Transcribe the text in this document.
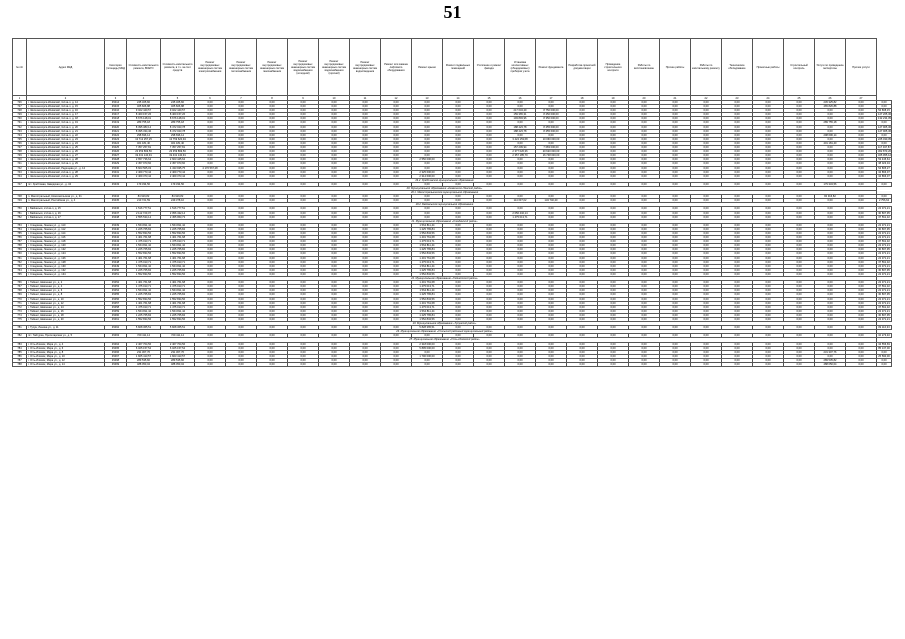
51
№ п/п	Адрес МКД	Категория (площадь) МКД	Стоимость капитального ремонта, ВСЕГО	Стоимость капитального ремонта, в т.ч. за счет средств	Ремонт внутридомовых инженерных систем электроснабжения	Ремонт внутридомовых инженерных систем теплоснабжения	Ремонт внутридомовых инженерных систем газоснабжения	Ремонт внутридомовых инженерных систем водоснабжения (холодной)	Ремонт внутридомовых инженерных систем водоснабжения (горячей)	Ремонт внутридомовых инженерных систем водоотведения	Ремонт или замена лифтового оборудования	Ремонт крыши	Ремонт подвальных помещений	Утепление и ремонт фасада	Установка коллективных (общедомовых) приборов учета	Ремонт фундамента	Разработка проектной документации	Проведение строительного контроля	Работы по восстановлению	Прочие работы	Работы по капитальному ремонту	Техническое обследование	Проектные работы	Строительный контроль	Услуги по проведению экспертизы	Прочие услуги	
1	2	3	4	5	6	7	8	9	10	11	12	13	14	15	16	17	18	19	20	21	22	23	24	25	26	27	
726	г. Железногорск-Илимский, 3-й кв-л, д. 14	45414	245 325,82	245 325,82	0,00	0,00	0,00	0,00	0,00	0,00	0,00	0,00	0,00	0,00	0,00	0,00	0,00	0,00	0,00	0,00	0,00	0,00	0,00	0,00	245 325,82	0,00	0,00
727	г. Железногорск-Илимский, 3-й кв-л, д. 15	45415	465 826,88	465 826,88	0,00	0,00	0,00	0,00	0,00	0,00	0,00	0,00	0,00	0,00	0,00	0,00	0,00	0,00	0,00	0,00	0,00	0,00	0,00	0,00	465 826,88	0,00	0,00
728	г. Железногорск-Илимский, 3-й кв-л, д. 16	45416	9 022 440,57	9 022 440,57	0,00	0,00	0,00	0,00	0,00	0,00	0,00	0,00	0,00	0,00	217 643,29	8 750 000,00	0,00	0,00	0,00	0,00	0,00	0,00	0,00	0,00	0,00	0,00	54 808,15
729	г. Железногорск-Илимский, 3-й кв-л, д. 17	45417	8 460 157,26	8 460 157,26	0,00	0,00	0,00	0,00	0,00	0,00	0,00	0,00	0,00	0,00	159 365,31	8 250 000,00	0,00	0,00	0,00	0,00	0,00	0,00	0,00	0,00	0,00	0,00	127 265,36
730	г. Железногорск-Илимский, 3-й кв-л, д. 18	45418	8 676 128,01	8 676 128,01	0,00	0,00	0,00	0,00	0,00	0,00	0,00	0,00	0,00	0,00	193 893,96	8 350 000,00	0,00	0,00	0,00	0,00	0,00	0,00	0,00	0,00	0,00	0,00	132 234,05
731	г. Железногорск-Илимский, 3-й кв-л, д. 19	45419	289 755,18	289 755,18	0,00	0,00	0,00	0,00	0,00	0,00	0,00	0,00	0,00	0,00	0,00	0,00	0,00	0,00	0,00	0,00	0,00	0,00	0,00	0,00	289 755,18	0,00	0,00
732	г. Железногорск-Илимский, 3-й кв-л, д. 20	45420	8 395 383,14	8 472 023,78	0,00	0,00	0,00	0,00	0,00	0,00	0,00	0,00	0,00	0,00	188 423,78	8 255 600,00	0,00	0,00	0,00	0,00	0,00	0,00	0,00	0,00	0,00	0,00	127 905,36
733	г. Железногорск-Илимский, 3-й кв-л, д. 21	45421	8 395 334,46	8 472 023,78	0,00	0,00	0,00	0,00	0,00	0,00	0,00	0,00	0,00	0,00	188 423,78	8 255 600,00	0,00	0,00	0,00	0,00	0,00	0,00	0,00	0,00	0,00	0,00	127 905,36
734	г. Железногорск-Илимский, 3-й кв-л, д. 22	45422	298 696,14	298 696,14	0,00	0,00	0,00	0,00	0,00	0,00	0,00	0,00	0,00	0,00	0,00	0,00	0,00	0,00	0,00	0,00	0,00	0,00	0,00	0,00	298 696,14	0,00	0,00
735	г. Железногорск-Илимский, 3-й кв-л, д. 23	45423	13 712 257,25	13 759 620,94	0,00	0,00	0,00	0,00	0,00	0,00	0,00	0,00	0,00	0,00	3 424 153,68	10 060 000,00	0,00	0,00	0,00	0,00	0,00	0,00	0,00	0,00	0,00	0,00	225 030,05
736	г. Железногорск-Илимский, 3-й кв-л, д. 24	45424	401 181,40	401 181,40	0,00	0,00	0,00	0,00	0,00	0,00	0,00	0,00	0,00	0,00	0,00	0,00	0,00	0,00	0,00	0,00	0,00	0,00	0,00	0,00	401 181,40	0,00	0,00
737	г. Железногорск-Илимский, 3-й кв-л, д. 25	45425	7 357 257,81	7 357 257,81	0,00	0,00	0,00	0,00	0,00	0,00	0,00	0,00	0,00	0,00	157 209,94	7 083 000,00	0,00	0,00	0,00	0,00	0,00	0,00	0,00	0,00	0,00	0,00	117 047,87
738	г. Железногорск-Илимский, 3-й кв-л, д. 26	45426	23 359 899,56	23 359 899,56	0,00	0,00	0,00	0,00	0,00	0,00	0,00	0,00	0,00	0,00	2 377 026,36	20 620 000,00	0,00	0,00	0,00	0,00	0,00	0,00	0,00	0,00	0,00	0,00	362 873,20
739	г. Железногорск-Илимский, 3-й кв-л, д. 27	45427	19 431 140,91	19 431 140,91	0,00	0,00	0,00	0,00	0,00	0,00	0,00	0,00	0,00	0,00	2 357 185,79	16 748 000,00	0,00	0,00	0,00	0,00	0,00	0,00	0,00	0,00	0,00	0,00	325 955,12
740	г. Железногорск-Илимский, 3-й кв-л, д. 28	45428	2 657 736,64	2 603 445,64	0,00	0,00	0,00	0,00	0,00	0,00	0,00	2 550 000,00	0,00	0,00	0,00	0,00	0,00	0,00	0,00	0,00	0,00	0,00	0,00	0,00	0,00	0,00	53 445,64
741	г. Железногорск-Илимский, 3-й кв-л, д. 29	45429	2 457 973,60	2 457 973,60	0,00	0,00	0,00	0,00	0,00	0,00	0,00	0,00	0,00	0,00	0,00	0,00	0,00	0,00	0,00	0,00	0,00	0,00	0,00	0,00	0,00	0,00	38 023,04
742	г. Железногорск-Илимский, Радищева ул., д. 12	45430	8 603 505,03	4 433 935,75	4 170 567,28	0,00	0,00	0,00	0,00	0,00	0,00	0,00	0,00	0,00	0,00	0,00	0,00	0,00	0,00	0,00	0,00	0,00	0,00	0,00	0,00	0,00	54 805,27
743	г. Железногорск-Илимский, 2-й кв-л, д. 28	45431	2 469 773,44	2 469 773,44	0,00	0,00	0,00	0,00	0,00	0,00	0,00	2 325 600,00	0,00	0,00	0,00	0,00	0,00	0,00	0,00	0,00	0,00	0,00	0,00	0,00	0,00	0,00	34 866,07
744	г. Железногорск-Илимский, 2-й кв-л, д. 29	45432	2 469 373,44	2 469 373,44	0,00	0,00	0,00	0,00	0,00	0,00	0,00	2 314 600,00	0,00	0,00	0,00	0,00	0,00	0,00	0,00	0,00	0,00	0,00	0,00	0,00	0,00	0,00	34 866,07
19.2. Хребтовское муниципальное образование																											
747	пгт. Хребтовая, Заводская ул., д. 34	45433	179 334,56	179 334,56	0,00	0,00	0,00	0,00	0,00	0,00	0,00	0,00	0,00	0,00	0,00	0,00	0,00	0,00	0,00	0,00	0,00	0,00	0,00	0,00	179 334,56	0,00	0,00
20. Муниципальное образование «Казачинско-Ленский район»																											
20.1. Магистральнинское муниципальное образование																											
748	п. Магистральный, Комсомольская ул., д. 31	45434	84 916,82	84 916,82	0,00	0,00	0,00	0,00	0,00	0,00	0,00	0,00	0,00	0,00	0,00	0,00	0,00	0,00	0,00	0,00	0,00	0,00	0,00	0,00	84 916,82	0,00	0,00
749	п. Магистральный, Российская ул., д. 4	45435	213 721,59	249 378,10	0,00	0,00	0,00	0,00	0,00	0,00	0,00	0,00	0,00	0,00	114 637,02	134 740,20	0,00	0,00	0,00	0,00	0,00	0,00	0,00	0,00	0,00	0,00	2 756,62
20.2. Байкальское муниципальное образование																											
750	г. Байкальск, 2-й кв-л, д. 15	45436	1 516 777,51	1 516 777,51	0,00	0,00	0,00	0,00	0,00	0,00	0,00	0,00	0,00	0,00	0,00	0,00	0,00	0,00	0,00	0,00	0,00	0,00	0,00	0,00	0,00	0,00	22 371,21
751	г. Байкальск, 2-й кв-л, д. 16	45437	2 112 720,07	2 056 432,14	0,00	0,00	0,00	0,00	0,00	0,00	0,00	0,00	0,00	0,00	2 056 432,14	0,00	0,00	0,00	0,00	0,00	0,00	0,00	0,00	0,00	0,00	0,00	30 807,95
752	г. Байкальск, 2-й кв-л, д. 17	45438	2 555 534,14	2 455 953,73	0,00	0,00	0,00	0,00	0,00	0,00	0,00	0,00	0,00	0,00	1 475 013,71	0,00	0,00	0,00	0,00	0,00	0,00	0,00	0,00	0,00	0,00	0,00	37 561,32
21. Муниципальное образование «Слюдянский район»																											
753	г. Слюдянка, Ленина ул., д. 110	45439	1 564 811,44	1 564 811,44	0,00	0,00	0,00	0,00	0,00	0,00	0,00	1 564 811,44	0,00	0,00	0,00	0,00	0,00	0,00	0,00	0,00	0,00	0,00	0,00	0,00	0,00	0,00	22 371,21
754	г. Слюдянка, Ленина ул., д. 112	45440	1 225 765,84	1 225 765,84	0,00	0,00	0,00	0,00	0,00	0,00	0,00	1 225 765,84	0,00	0,00	0,00	0,00	0,00	0,00	0,00	0,00	0,00	0,00	0,00	0,00	0,00	0,00	30 807,95
755	г. Слюдянка, Ленина ул., д. 114	45441	1 552 834,56	1 552 834,56	0,00	0,00	0,00	0,00	0,00	0,00	0,00	1 552 834,56	0,00	0,00	0,00	0,00	0,00	0,00	0,00	0,00	0,00	0,00	0,00	0,00	0,00	0,00	22 371,21
756	г. Слюдянка, Ленина ул., д. 116	45442	1 401 761,68	1 401 761,68	0,00	0,00	0,00	0,00	0,00	0,00	0,00	1 401 761,68	0,00	0,00	0,00	0,00	0,00	0,00	0,00	0,00	0,00	0,00	0,00	0,00	0,00	0,00	22 371,21
757	г. Слюдянка, Ленина ул., д. 118	45443	1 475 013,71	1 475 013,71	0,00	0,00	0,00	0,00	0,00	0,00	0,00	1 475 013,71	0,00	0,00	0,00	0,00	0,00	0,00	0,00	0,00	0,00	0,00	0,00	0,00	0,00	0,00	37 561,32
758	г. Слюдянка, Ленина ул., д. 120	45444	1 564 811,44	1 564 811,44	0,00	0,00	0,00	0,00	0,00	0,00	0,00	1 564 811,44	0,00	0,00	0,00	0,00	0,00	0,00	0,00	0,00	0,00	0,00	0,00	0,00	0,00	0,00	22 371,21
759	г. Слюдянка, Ленина ул., д. 122	45445	1 225 765,84	1 225 765,84	0,00	0,00	0,00	0,00	0,00	0,00	0,00	1 225 765,84	0,00	0,00	0,00	0,00	0,00	0,00	0,00	0,00	0,00	0,00	0,00	0,00	0,00	0,00	30 807,95
760	г. Слюдянка, Ленина ул., д. 124	45446	1 552 834,56	1 552 834,56	0,00	0,00	0,00	0,00	0,00	0,00	0,00	1 552 834,56	0,00	0,00	0,00	0,00	0,00	0,00	0,00	0,00	0,00	0,00	0,00	0,00	0,00	0,00	22 371,21
761	г. Слюдянка, Ленина ул., д. 126	45447	1 401 761,68	1 401 761,68	0,00	0,00	0,00	0,00	0,00	0,00	0,00	1 401 761,68	0,00	0,00	0,00	0,00	0,00	0,00	0,00	0,00	0,00	0,00	0,00	0,00	0,00	0,00	22 371,21
762	г. Слюдянка, Ленина ул., д. 128	45448	1 475 013,71	1 475 013,71	0,00	0,00	0,00	0,00	0,00	0,00	0,00	1 475 013,71	0,00	0,00	0,00	0,00	0,00	0,00	0,00	0,00	0,00	0,00	0,00	0,00	0,00	0,00	37 561,32
763	г. Слюдянка, Ленина ул., д. 130	45449	1 564 811,44	1 564 811,44	0,00	0,00	0,00	0,00	0,00	0,00	0,00	1 564 811,44	0,00	0,00	0,00	0,00	0,00	0,00	0,00	0,00	0,00	0,00	0,00	0,00	0,00	0,00	22 371,21
764	г. Слюдянка, Ленина ул., д. 132	45450	1 225 765,84	1 225 765,84	0,00	0,00	0,00	0,00	0,00	0,00	0,00	1 225 765,84	0,00	0,00	0,00	0,00	0,00	0,00	0,00	0,00	0,00	0,00	0,00	0,00	0,00	0,00	30 807,95
765	г. Слюдянка, Ленина ул., д. 134	45451	1 552 834,56	1 552 834,56	0,00	0,00	0,00	0,00	0,00	0,00	0,00	1 552 834,56	0,00	0,00	0,00	0,00	0,00	0,00	0,00	0,00	0,00	0,00	0,00	0,00	0,00	0,00	22 371,21
22. Муниципальное образование «Тайшетский район»																											
766	г. Тайшет, Шевченко ул., д. 2	45452	1 401 761,68	1 401 761,68	0,00	0,00	0,00	0,00	0,00	0,00	0,00	1 401 761,68	0,00	0,00	0,00	0,00	0,00	0,00	0,00	0,00	0,00	0,00	0,00	0,00	0,00	0,00	22 371,21
767	г. Тайшет, Шевченко ул., д. 4	45453	1 475 013,71	1 475 013,71	0,00	0,00	0,00	0,00	0,00	0,00	0,00	1 475 013,71	0,00	0,00	0,00	0,00	0,00	0,00	0,00	0,00	0,00	0,00	0,00	0,00	0,00	0,00	37 561,32
768	г. Тайшет, Шевченко ул., д. 6	45454	1 564 811,44	1 564 811,44	0,00	0,00	0,00	0,00	0,00	0,00	0,00	1 564 811,44	0,00	0,00	0,00	0,00	0,00	0,00	0,00	0,00	0,00	0,00	0,00	0,00	0,00	0,00	22 371,21
769	г. Тайшет, Шевченко ул., д. 8	45455	1 225 765,84	1 225 765,84	0,00	0,00	0,00	0,00	0,00	0,00	0,00	1 225 765,84	0,00	0,00	0,00	0,00	0,00	0,00	0,00	0,00	0,00	0,00	0,00	0,00	0,00	0,00	30 807,95
770	г. Тайшет, Шевченко ул., д. 10	45456	1 552 834,56	1 552 834,56	0,00	0,00	0,00	0,00	0,00	0,00	0,00	1 552 834,56	0,00	0,00	0,00	0,00	0,00	0,00	0,00	0,00	0,00	0,00	0,00	0,00	0,00	0,00	22 371,21
771	г. Тайшет, Шевченко ул., д. 12	45457	1 401 761,68	1 401 761,68	0,00	0,00	0,00	0,00	0,00	0,00	0,00	1 401 761,68	0,00	0,00	0,00	0,00	0,00	0,00	0,00	0,00	0,00	0,00	0,00	0,00	0,00	0,00	22 371,21
772	г. Тайшет, Шевченко ул., д. 14	45458	1 475 013,71	1 475 013,71	0,00	0,00	0,00	0,00	0,00	0,00	0,00	1 475 013,71	0,00	0,00	0,00	0,00	0,00	0,00	0,00	0,00	0,00	0,00	0,00	0,00	0,00	0,00	37 561,32
773	г. Тайшет, Шевченко ул., д. 16	45459	1 564 811,44	1 564 811,44	0,00	0,00	0,00	0,00	0,00	0,00	0,00	1 564 811,44	0,00	0,00	0,00	0,00	0,00	0,00	0,00	0,00	0,00	0,00	0,00	0,00	0,00	0,00	22 371,21
774	г. Тайшет, Шевченко ул., д. 18	45460	1 225 765,84	1 225 765,84	0,00	0,00	0,00	0,00	0,00	0,00	0,00	1 225 765,84	0,00	0,00	0,00	0,00	0,00	0,00	0,00	0,00	0,00	0,00	0,00	0,00	0,00	0,00	30 807,95
775	г. Тайшет, Шевченко ул., д. 20	45461	1 552 834,56	1 552 834,56	0,00	0,00	0,00	0,00	0,00	0,00	0,00	1 552 834,56	0,00	0,00	0,00	0,00	0,00	0,00	0,00	0,00	0,00	0,00	0,00	0,00	0,00	0,00	22 371,21
23. Муниципальное образование «Тулунский район»																											
781	г. Тулун, Ленина ул., д. 11	45462	5 828 365,51	5 828 365,51	0,00	0,00	0,00	0,00	0,00	0,00	0,00	5 828 365,51	0,00	0,00	0,00	0,00	0,00	0,00	0,00	0,00	0,00	0,00	0,00	0,00	0,00	0,00	82 116,33
24. Муниципальное образование «Усольский районный муниципальный район»																											
782	пгт. Тайтурка, Пролетарская ул., д. 5	45463	729 411,14	729 411,14	0,00	0,00	0,00	0,00	0,00	0,00	0,00	0,00	0,00	0,00	0,00	0,00	0,00	0,00	0,00	0,00	0,00	0,00	0,00	0,00	0,00	0,00	10 273,40
25. Муниципальное образование «Усть-Илимский район»																											
783	г. Усть-Илимск, Мира ул., д. 4	45464	2 467 704,56	2 467 704,56	0,00	0,00	0,00	0,00	0,00	0,00	0,00	2 318 000,00	0,00	0,00	0,00	0,00	0,00	0,00	0,00	0,00	0,00	0,00	0,00	0,00	0,00	0,00	34 556,69
784	г. Усть-Илимск, Мира ул., д. 6	45465	6 025 157,54	6 025 157,54	0,00	0,00	0,00	0,00	0,00	0,00	0,00	5 895 000,00	0,00	0,00	0,00	0,00	0,00	0,00	0,00	0,00	0,00	0,00	0,00	0,00	0,00	0,00	85 137,00
785	г. Усть-Илимск, Мира ул., д. 8	45466	231 307,76	231 307,76	0,00	0,00	0,00	0,00	0,00	0,00	0,00	0,00	0,00	0,00	0,00	0,00	0,00	0,00	0,00	0,00	0,00	0,00	0,00	0,00	231 307,76	0,00	0,00
786	г. Усть-Илимск, Мира ул., д. 10	45467	1 825 413,57	1 823 413,57	0,00	0,00	0,00	0,00	0,00	0,00	0,00	1 790 000,00	0,00	0,00	0,00	0,00	0,00	0,00	0,00	0,00	0,00	0,00	0,00	0,00	0,00	0,00	25 590,00
787	г. Усть-Илимск, Мира ул., д. 12	45468	289 535,82	289 535,82	0,00	0,00	0,00	0,00	0,00	0,00	0,00	0,00	0,00	0,00	0,00	0,00	0,00	0,00	0,00	0,00	0,00	0,00	0,00	0,00	289 535,82	0,00	0,00
788	г. Усть-Илимск, Мира ул., д. 14	45469	488 050,04	488 050,04	0,00	0,00	0,00	0,00	0,00	0,00	0,00	0,00	0,00	0,00	0,00	0,00	0,00	0,00	0,00	0,00	0,00	0,00	0,00	0,00	488 050,04	0,00	0,00
